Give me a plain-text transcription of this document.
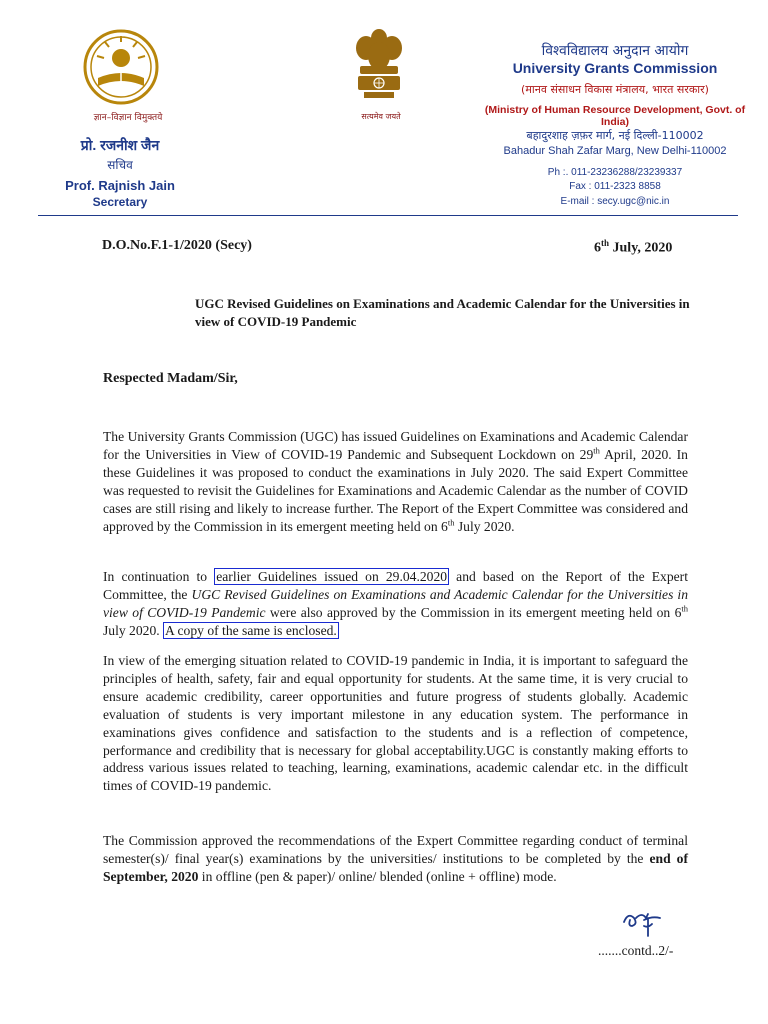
ज्ञान–विज्ञान विमुक्तये
प्रो. रजनीश जैन
सचिव
Prof. Rajnish Jain
Secretary
सत्यमेव जयते
विश्वविद्यालय अनुदान आयोग
University Grants Commission
(मानव संसाधन विकास मंत्रालय, भारत सरकार)
(Ministry of Human Resource Development, Govt. of India)
बहादुरशाह ज़फ़र मार्ग, नई दिल्ली-110002
Bahadur Shah Zafar Marg, New Delhi-110002
Ph :. 011-23236288/23239337
Fax : 011-2323 8858
E-mail : secy.ugc@nic.in
D.O.No.F.1-1/2020 (Secy)	6th July, 2020
UGC Revised Guidelines on Examinations and Academic Calendar for the Universities in view of COVID-19 Pandemic
Respected Madam/Sir,

The University Grants Commission (UGC) has issued Guidelines on Examinations and Academic Calendar for the Universities in View of COVID-19 Pandemic and Subsequent Lockdown on 29th April, 2020. In these Guidelines it was proposed to conduct the examinations in July 2020. The said Expert Committee was requested to revisit the Guidelines for Examinations and Academic Calendar as the number of COVID cases are still rising and likely to increase further. The Report of the Expert Committee was considered and approved by the Commission in its emergent meeting held on 6th July 2020.

In continuation to earlier Guidelines issued on 29.04.2020 and based on the Report of the Expert Committee, the UGC Revised Guidelines on Examinations and Academic Calendar for the Universities in view of COVID-19 Pandemic were also approved by the Commission in its emergent meeting held on 6th July 2020. A copy of the same is enclosed.

In view of the emerging situation related to COVID-19 pandemic in India, it is important to safeguard the principles of health, safety, fair and equal opportunity for students. At the same time, it is very crucial to ensure academic credibility, career opportunities and future progress of students globally. Academic evaluation of students is very important milestone in any education system. The performance in examinations gives confidence and satisfaction to the students and is a reflection of competence, performance and credibility that is necessary for global acceptability.UGC is constantly making efforts to address various issues related to teaching, learning, examinations, academic calendar etc. in the difficult times of COVID-19 pandemic.

The Commission approved the recommendations of the Expert Committee regarding conduct of terminal semester(s)/ final year(s) examinations by the universities/ institutions to be completed by the end of September, 2020 in offline (pen & paper)/ online/ blended (online + offline) mode.

.......contd..2/-
